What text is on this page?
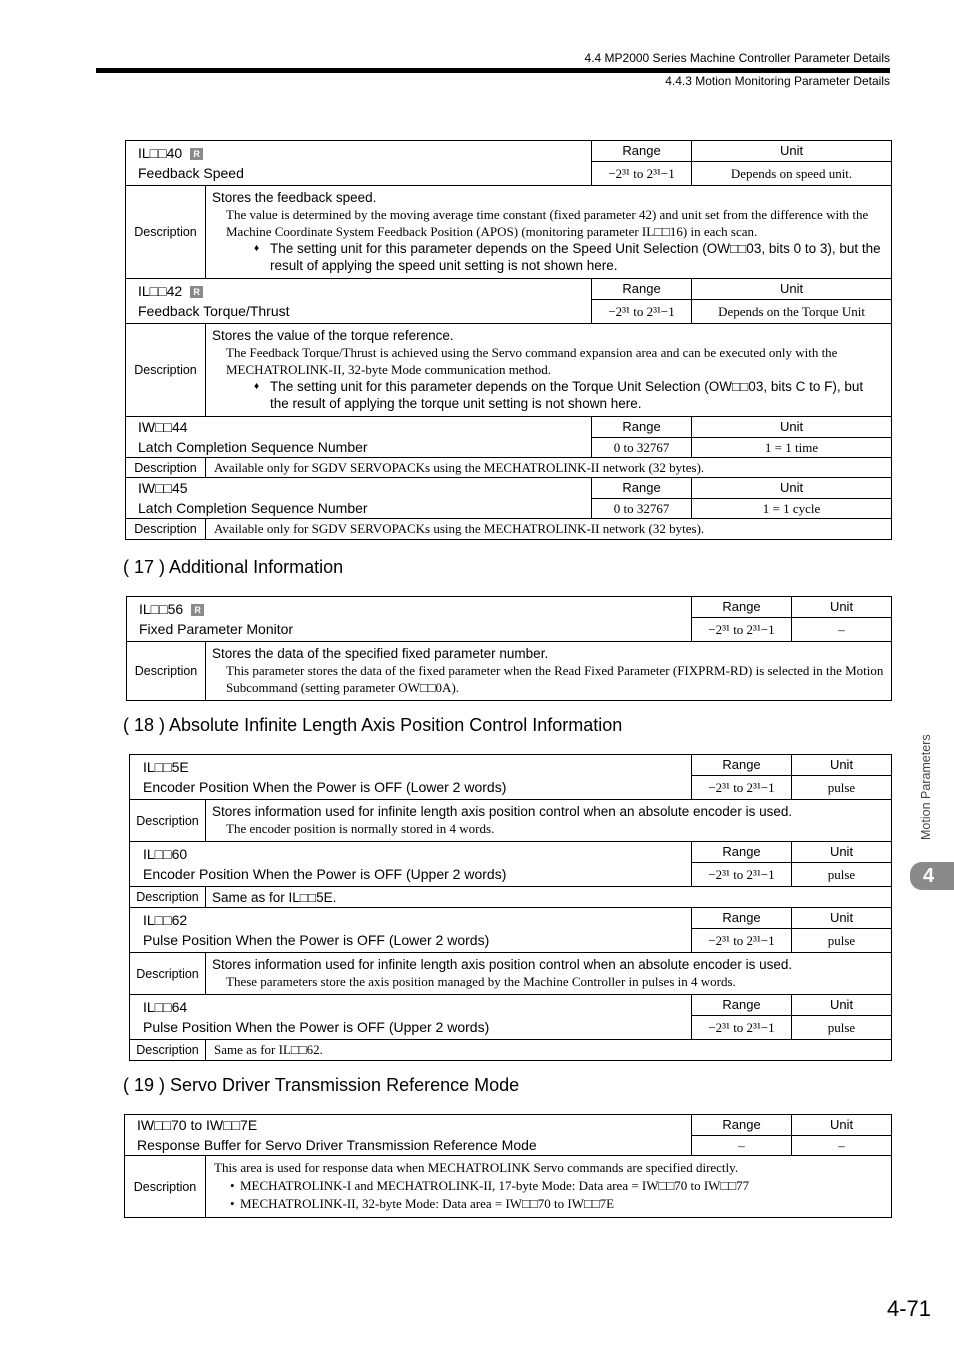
4.4 MP2000 Series Machine Controller Parameter Details
4.4.3 Motion Monitoring Parameter Details
IL□□40 R
Feedback Speed		Range	Unit
		−2³¹ to 2³¹−1	Depends on speed unit.
Description	Stores the feedback speed.
The value is determined by the moving average time constant (fixed parameter 42) and unit set from the difference with the Machine Coordinate System Feedback Position (APOS) (monitoring parameter IL□□16) in each scan.
♦ The setting unit for this parameter depends on the Speed Unit Selection (OW□□03, bits 0 to 3), but the result of applying the speed unit setting is not shown here.		

IL□□42 R
Feedback Torque/Thrust		Range	Unit
		−2³¹ to 2³¹−1	Depends on the Torque Unit
Description	Stores the value of the torque reference.
The Feedback Torque/Thrust is achieved using the Servo command expansion area and can be executed only with the MECHATROLINK-II, 32-byte Mode communication method.
♦ The setting unit for this parameter depends on the Torque Unit Selection (OW□□03, bits C to F), but the result of applying the torque unit setting is not shown here.		

IW□□44
Latch Completion Sequence Number		Range	Unit
		0 to 32767	1 = 1 time
Description	Available only for SGDV SERVOPACKs using the MECHATROLINK-II network (32 bytes).		

IW□□45
Latch Completion Sequence Number		Range	Unit
		0 to 32767	1 = 1 cycle
Description	Available only for SGDV SERVOPACKs using the MECHATROLINK-II network (32 bytes).		
( 17 ) Additional Information
IL□□56 R
Fixed Parameter Monitor		Range	Unit
		−2³¹ to 2³¹−1	–
Description	Stores the data of the specified fixed parameter number.
This parameter stores the data of the fixed parameter when the Read Fixed Parameter (FIXPRM-RD) is selected in the Motion Subcommand (setting parameter OW□□0A).		
( 18 ) Absolute Infinite Length Axis Position Control Information
IL□□5E
Encoder Position When the Power is OFF (Lower 2 words)		Range	Unit
		−2³¹ to 2³¹−1	pulse
Description	Stores information used for infinite length axis position control when an absolute encoder is used.
The encoder position is normally stored in 4 words.		

IL□□60
Encoder Position When the Power is OFF (Upper 2 words)		Range	Unit
		−2³¹ to 2³¹−1	pulse
Description	Same as for IL□□5E.		

IL□□62
Pulse Position When the Power is OFF (Lower 2 words)		Range	Unit
		−2³¹ to 2³¹−1	pulse
Description	Stores information used for infinite length axis position control when an absolute encoder is used.
These parameters store the axis position managed by the Machine Controller in pulses in 4 words.		

IL□□64
Pulse Position When the Power is OFF (Upper 2 words)		Range	Unit
		−2³¹ to 2³¹−1	pulse
Description	Same as for IL□□62.		
( 19 ) Servo Driver Transmission Reference Mode
IW□□70 to IW□□7E
Response Buffer for Servo Driver Transmission Reference Mode		Range	Unit
		–	–
Description	This area is used for response data when MECHATROLINK Servo commands are specified directly.
• MECHATROLINK-I and MECHATROLINK-II, 17-byte Mode: Data area = IW□□70 to IW□□77
• MECHATROLINK-II, 32-byte Mode: Data area = IW□□70 to IW□□7E		
Motion Parameters
4
4-71
